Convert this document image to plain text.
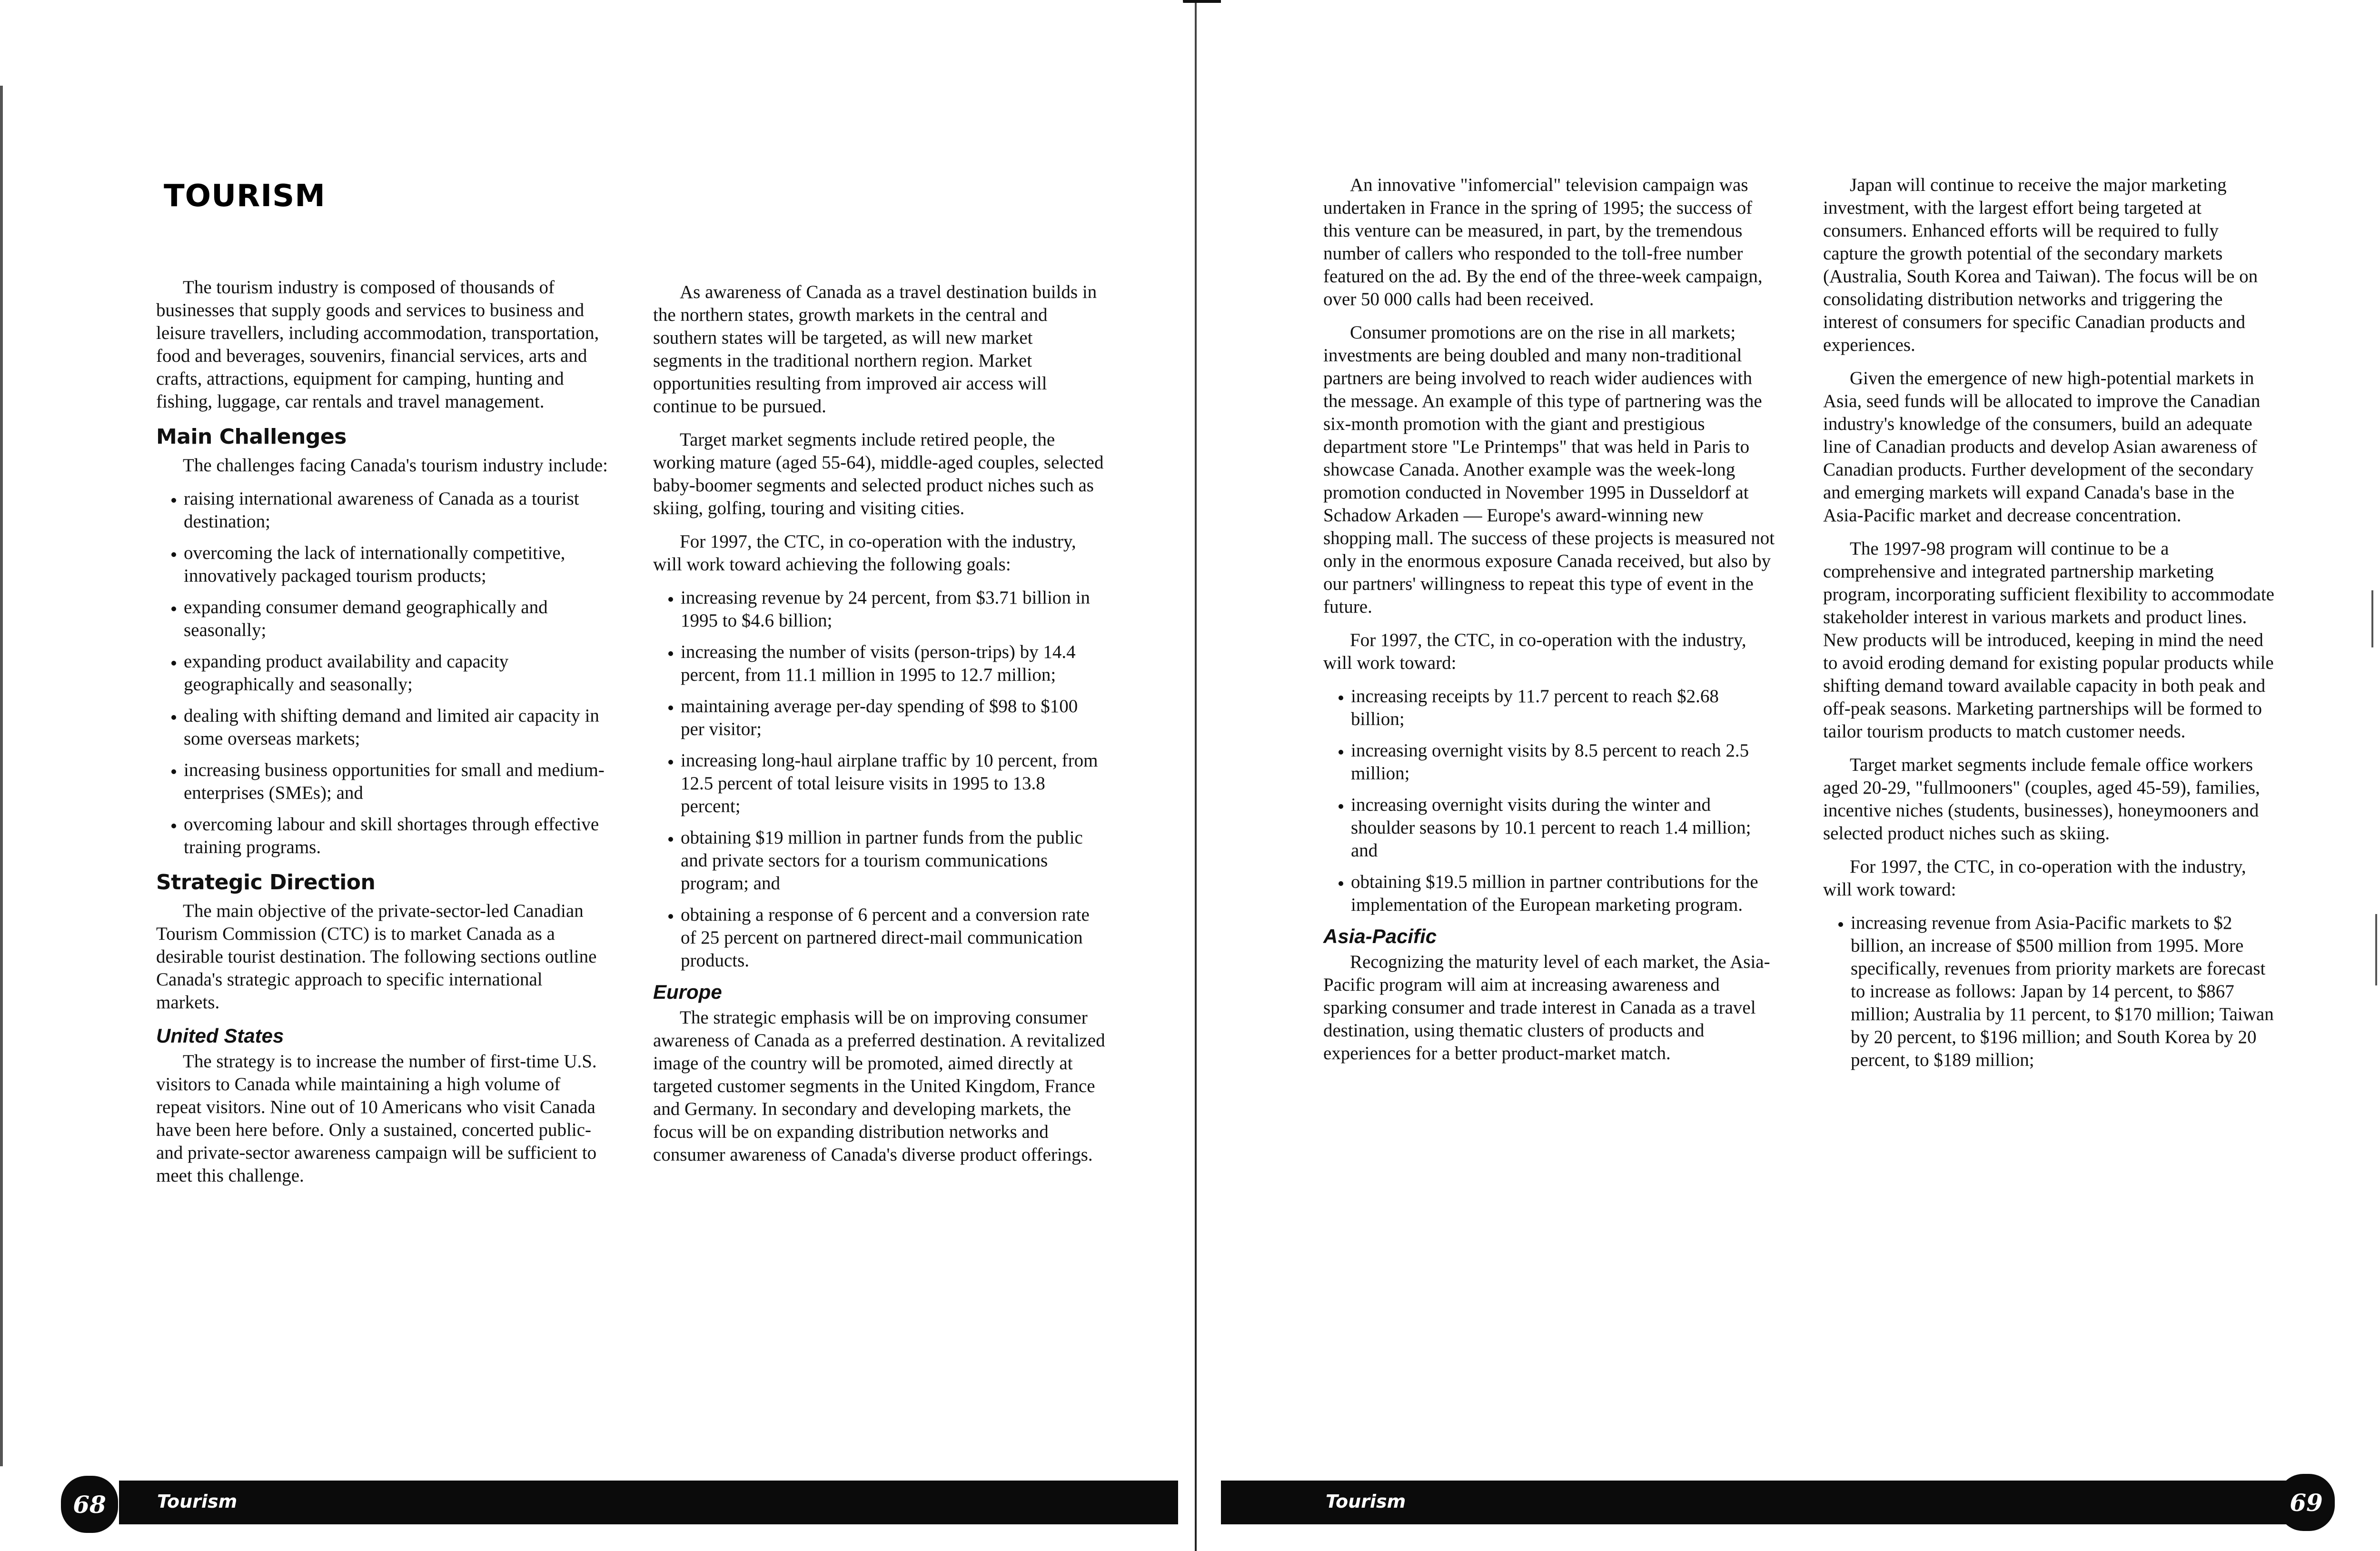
TOURISM

The tourism industry is composed of thousands of businesses that supply goods and services to business and leisure travellers, including accommodation, transportation, food and beverages, souvenirs, financial services, arts and crafts, attractions, equipment for camping, hunting and fishing, luggage, car rentals and travel management.

Main Challenges

The challenges facing Canada's tourism industry include:

• raising international awareness of Canada as a tourist destination;
• overcoming the lack of internationally competitive, innovatively packaged tourism products;
• expanding consumer demand geographically and seasonally;
• expanding product availability and capacity geographically and seasonally;
• dealing with shifting demand and limited air capacity in some overseas markets;
• increasing business opportunities for small and medium-enterprises (SMEs); and
• overcoming labour and skill shortages through effective training programs.
Strategic Direction

The main objective of the private-sector-led Canadian Tourism Commission (CTC) is to market Canada as a desirable tourist destination. The following sections outline Canada's strategic approach to specific international markets.

United States

The strategy is to increase the number of first-time U.S. visitors to Canada while maintaining a high volume of repeat visitors. Nine out of 10 Americans who visit Canada have been here before. Only a sustained, concerted public- and private-sector awareness campaign will be sufficient to meet this challenge.

As awareness of Canada as a travel destination builds in the northern states, growth markets in the central and southern states will be targeted, as will new market segments in the traditional northern region. Market opportunities resulting from improved air access will continue to be pursued.

Target market segments include retired people, the working mature (aged 55-64), middle-aged couples, selected baby-boomer segments and selected product niches such as skiing, golfing, touring and visiting cities.

For 1997, the CTC, in co-operation with the industry, will work toward achieving the following goals:

• increasing revenue by 24 percent, from $3.71 billion in 1995 to $4.6 billion;
• increasing the number of visits (person-trips) by 14.4 percent, from 11.1 million in 1995 to 12.7 million;
• maintaining average per-day spending of $98 to $100 per visitor;
• increasing long-haul airplane traffic by 10 percent, from 12.5 percent of total leisure visits in 1995 to 13.8 percent;
• obtaining $19 million in partner funds from the public and private sectors for a tourism communications program; and
• obtaining a response of 6 percent and a conversion rate of 25 percent on partnered direct-mail communication products.
Europe

The strategic emphasis will be on improving consumer awareness of Canada as a preferred destination. A revitalized image of the country will be promoted, aimed directly at targeted customer segments in the United Kingdom, France and Germany. In secondary and developing markets, the focus will be on expanding distribution networks and consumer awareness of Canada's diverse product offerings.

Tourism
68

An innovative "infomercial" television campaign was undertaken in France in the spring of 1995; the success of this venture can be measured, in part, by the tremendous number of callers who responded to the toll-free number featured on the ad. By the end of the three-week campaign, over 50 000 calls had been received.

Consumer promotions are on the rise in all markets; investments are being doubled and many non-traditional partners are being involved to reach wider audiences with the message. An example of this type of partnering was the six-month promotion with the giant and prestigious department store "Le Printemps" that was held in Paris to showcase Canada. Another example was the week-long promotion conducted in November 1995 in Dusseldorf at Schadow Arkaden — Europe's award-winning new shopping mall. The success of these projects is measured not only in the enormous exposure Canada received, but also by our partners' willingness to repeat this type of event in the future.

For 1997, the CTC, in co-operation with the industry, will work toward:

• increasing receipts by 11.7 percent to reach $2.68 billion;
• increasing overnight visits by 8.5 percent to reach 2.5 million;
• increasing overnight visits during the winter and shoulder seasons by 10.1 percent to reach 1.4 million; and
• obtaining $19.5 million in partner contributions for the implementation of the European marketing program.
Asia-Pacific

Recognizing the maturity level of each market, the Asia-Pacific program will aim at increasing awareness and sparking consumer and trade interest in Canada as a travel destination, using thematic clusters of products and experiences for a better product-market match.

Japan will continue to receive the major marketing investment, with the largest effort being targeted at consumers. Enhanced efforts will be required to fully capture the growth potential of the secondary markets (Australia, South Korea and Taiwan). The focus will be on consolidating distribution networks and triggering the interest of consumers for specific Canadian products and experiences.

Given the emergence of new high-potential markets in Asia, seed funds will be allocated to improve the Canadian industry's knowledge of the consumers, build an adequate line of Canadian products and develop Asian awareness of Canadian products. Further development of the secondary and emerging markets will expand Canada's base in the Asia-Pacific market and decrease concentration.

The 1997-98 program will continue to be a comprehensive and integrated partnership marketing program, incorporating sufficient flexibility to accommodate stakeholder interest in various markets and product lines. New products will be introduced, keeping in mind the need to avoid eroding demand for existing popular products while shifting demand toward available capacity in both peak and off-peak seasons. Marketing partnerships will be formed to tailor tourism products to match customer needs.

Target market segments include female office workers aged 20-29, "fullmooners" (couples, aged 45-59), families, incentive niches (students, businesses), honeymooners and selected product niches such as skiing.

For 1997, the CTC, in co-operation with the industry, will work toward:

• increasing revenue from Asia-Pacific markets to $2 billion, an increase of $500 million from 1995. More specifically, revenues from priority markets are forecast to increase as follows: Japan by 14 percent, to $867 million; Australia by 11 percent, to $170 million; Taiwan by 20 percent, to $196 million; and South Korea by 20 percent, to $189 million;
Tourism	69
